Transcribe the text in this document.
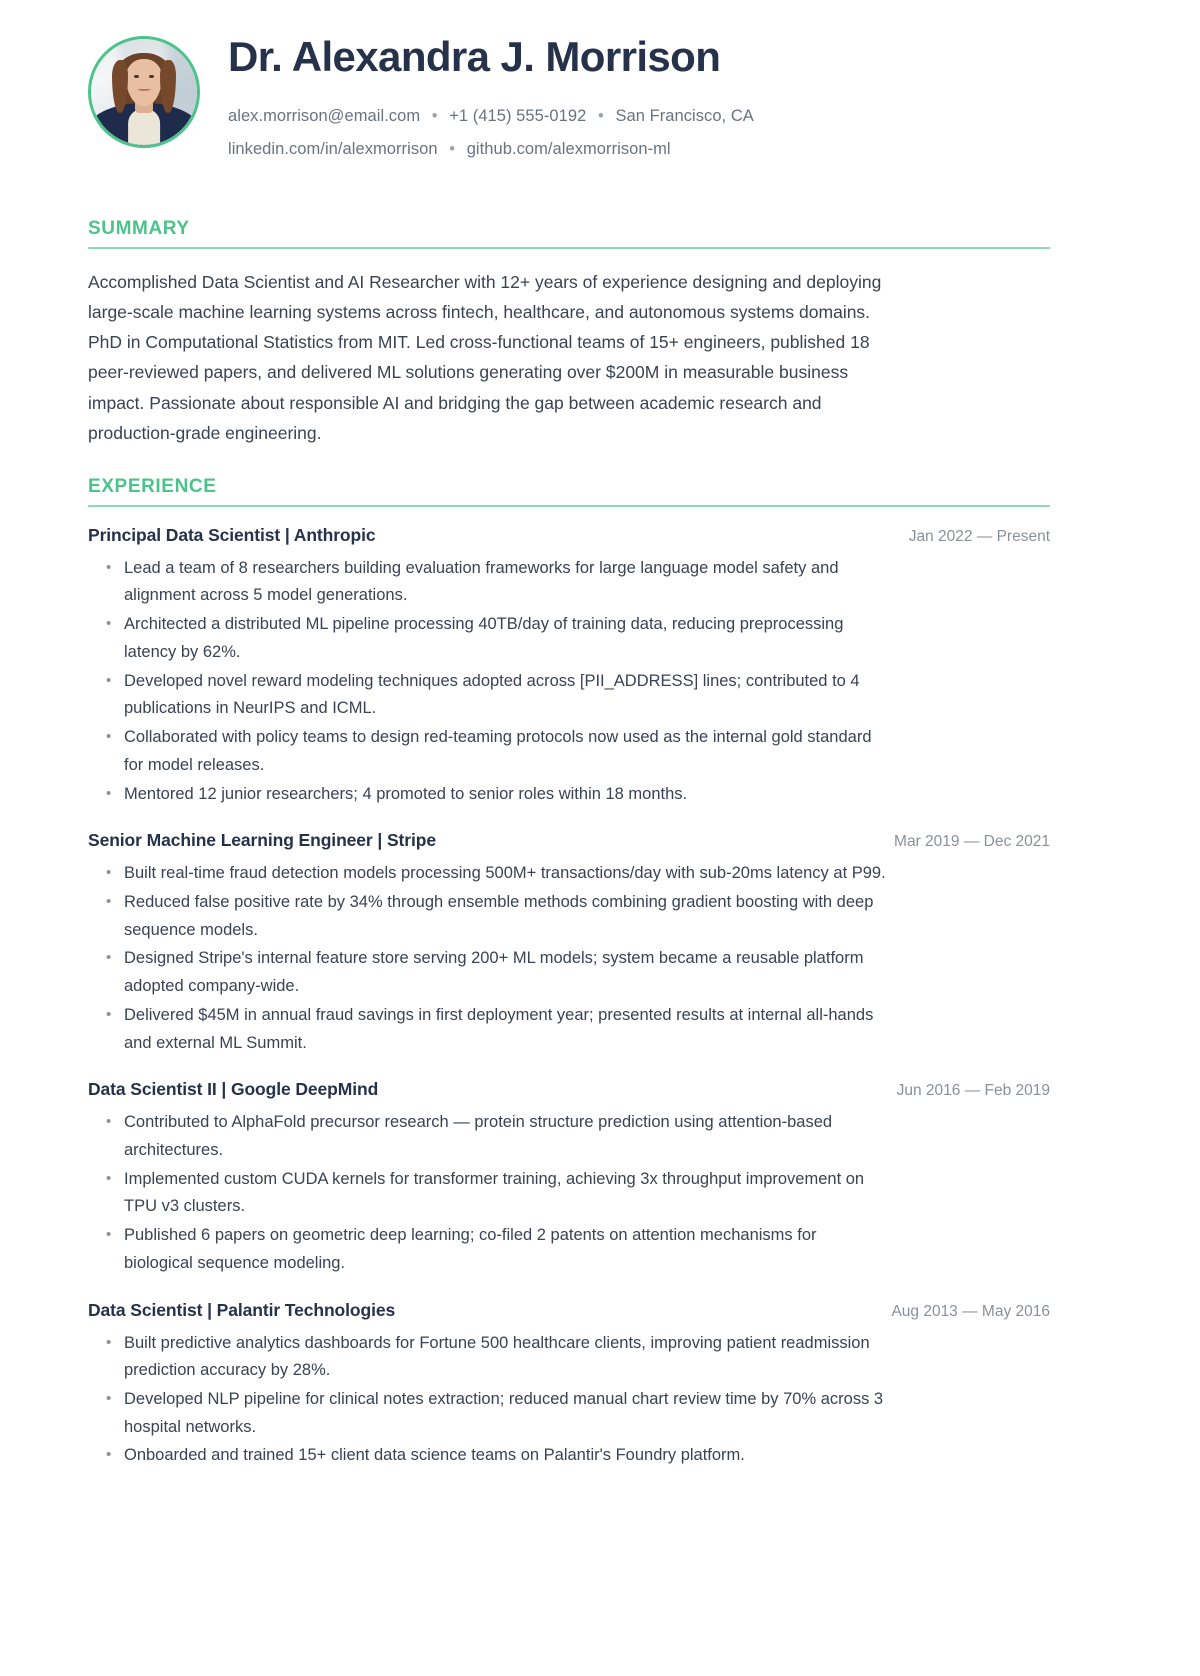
Dr. Alexandra J. Morrison
alex.morrison@email.com • +1 (415) 555-0192 • San Francisco, CA
linkedin.com/in/alexmorrison • github.com/alexmorrison-ml
SUMMARY
Accomplished Data Scientist and AI Researcher with 12+ years of experience designing and deploying large-scale machine learning systems across fintech, healthcare, and autonomous systems domains. PhD in Computational Statistics from MIT. Led cross-functional teams of 15+ engineers, published 18 peer-reviewed papers, and delivered ML solutions generating over $200M in measurable business impact. Passionate about responsible AI and bridging the gap between academic research and production-grade engineering.
EXPERIENCE
Principal Data Scientist | Anthropic	Jan 2022 — Present
• Lead a team of 8 researchers building evaluation frameworks for large language model safety and alignment across 5 model generations.
• Architected a distributed ML pipeline processing 40TB/day of training data, reducing preprocessing latency by 62%.
• Developed novel reward modeling techniques adopted across [PII_ADDRESS] lines; contributed to 4 publications in NeurIPS and ICML.
• Collaborated with policy teams to design red-teaming protocols now used as the internal gold standard for model releases.
• Mentored 12 junior researchers; 4 promoted to senior roles within 18 months.
Senior Machine Learning Engineer | Stripe	Mar 2019 — Dec 2021
• Built real-time fraud detection models processing 500M+ transactions/day with sub-20ms latency at P99.
• Reduced false positive rate by 34% through ensemble methods combining gradient boosting with deep sequence models.
• Designed Stripe's internal feature store serving 200+ ML models; system became a reusable platform adopted company-wide.
• Delivered $45M in annual fraud savings in first deployment year; presented results at internal all-hands and external ML Summit.
Data Scientist II | Google DeepMind	Jun 2016 — Feb 2019
• Contributed to AlphaFold precursor research — protein structure prediction using attention-based architectures.
• Implemented custom CUDA kernels for transformer training, achieving 3x throughput improvement on TPU v3 clusters.
• Published 6 papers on geometric deep learning; co-filed 2 patents on attention mechanisms for biological sequence modeling.
Data Scientist | Palantir Technologies	Aug 2013 — May 2016
• Built predictive analytics dashboards for Fortune 500 healthcare clients, improving patient readmission prediction accuracy by 28%.
• Developed NLP pipeline for clinical notes extraction; reduced manual chart review time by 70% across 3 hospital networks.
• Onboarded and trained 15+ client data science teams on Palantir's Foundry platform.
